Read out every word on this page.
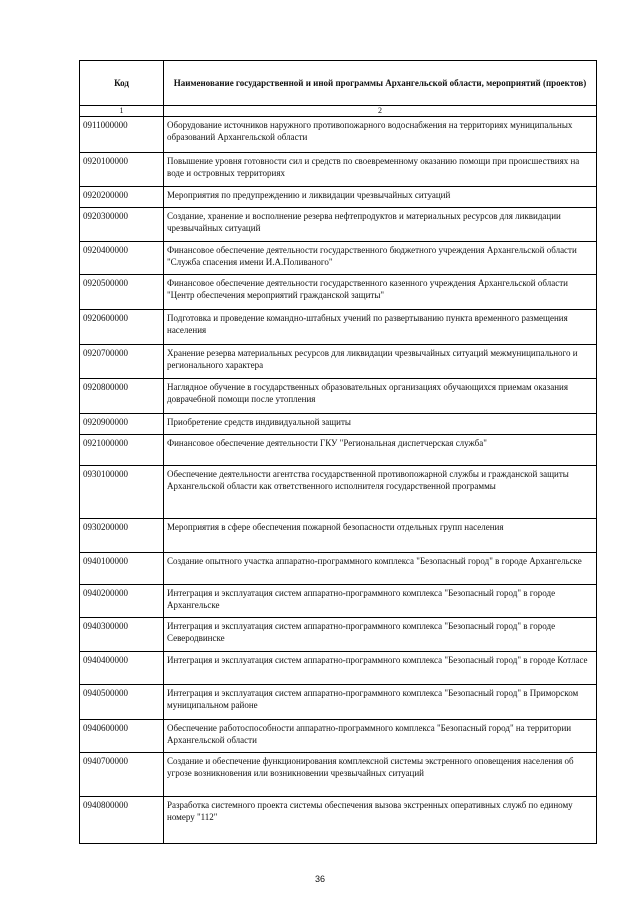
Код	Наименование государственной и иной программы Архангельской области, мероприятий (проектов)
1	2
0911000000	Оборудование источников наружного противопожарного водоснабжения на территориях муниципальных образований Архангельской области
0920100000	Повышение уровня готовности сил и средств по своевременному оказанию помощи при происшествиях на воде и островных территориях
0920200000	Мероприятия по предупреждению и ликвидации чрезвычайных ситуаций
0920300000	Создание, хранение и восполнение резерва нефтепродуктов и материальных ресурсов для ликвидации чрезвычайных ситуаций
0920400000	Финансовое обеспечение деятельности государственного бюджетного учреждения Архангельской области "Служба спасения имени И.А.Поливаного"
0920500000	Финансовое обеспечение деятельности государственного казенного учреждения Архангельской области "Центр обеспечения мероприятий гражданской защиты"
0920600000	Подготовка и проведение командно-штабных учений по развертыванию пункта временного размещения населения
0920700000	Хранение резерва материальных ресурсов для ликвидации чрезвычайных ситуаций межмуниципального и регионального характера
0920800000	Наглядное обучение в государственных образовательных организациях обучающихся приемам оказания доврачебной помощи после утопления
0920900000	Приобретение средств индивидуальной защиты
0921000000	Финансовое обеспечение деятельности ГКУ "Региональная диспетчерская служба"
0930100000	Обеспечение деятельности агентства государственной противопожарной службы и гражданской защиты Архангельской области как ответственного исполнителя государственной программы
0930200000	Мероприятия в сфере обеспечения пожарной безопасности отдельных групп населения
0940100000	Создание опытного участка аппаратно-программного комплекса "Безопасный город" в городе Архангельске
0940200000	Интеграция и эксплуатация систем аппаратно-программного комплекса "Безопасный город" в городе Архангельске
0940300000	Интеграция и эксплуатация систем аппаратно-программного комплекса "Безопасный город" в городе Северодвинске
0940400000	Интеграция и эксплуатация систем аппаратно-программного комплекса "Безопасный город" в городе Котласе
0940500000	Интеграция и эксплуатация систем аппаратно-программного комплекса "Безопасный город" в Приморском муниципальном районе
0940600000	Обеспечение работоспособности аппаратно-программного комплекса "Безопасный город" на территории Архангельской области
0940700000	Создание и обеспечение функционирования комплексной системы экстренного оповещения населения об угрозе возникновения или возникновении чрезвычайных ситуаций
0940800000	Разработка системного проекта системы обеспечения вызова экстренных оперативных служб по единому номеру "112"
36
